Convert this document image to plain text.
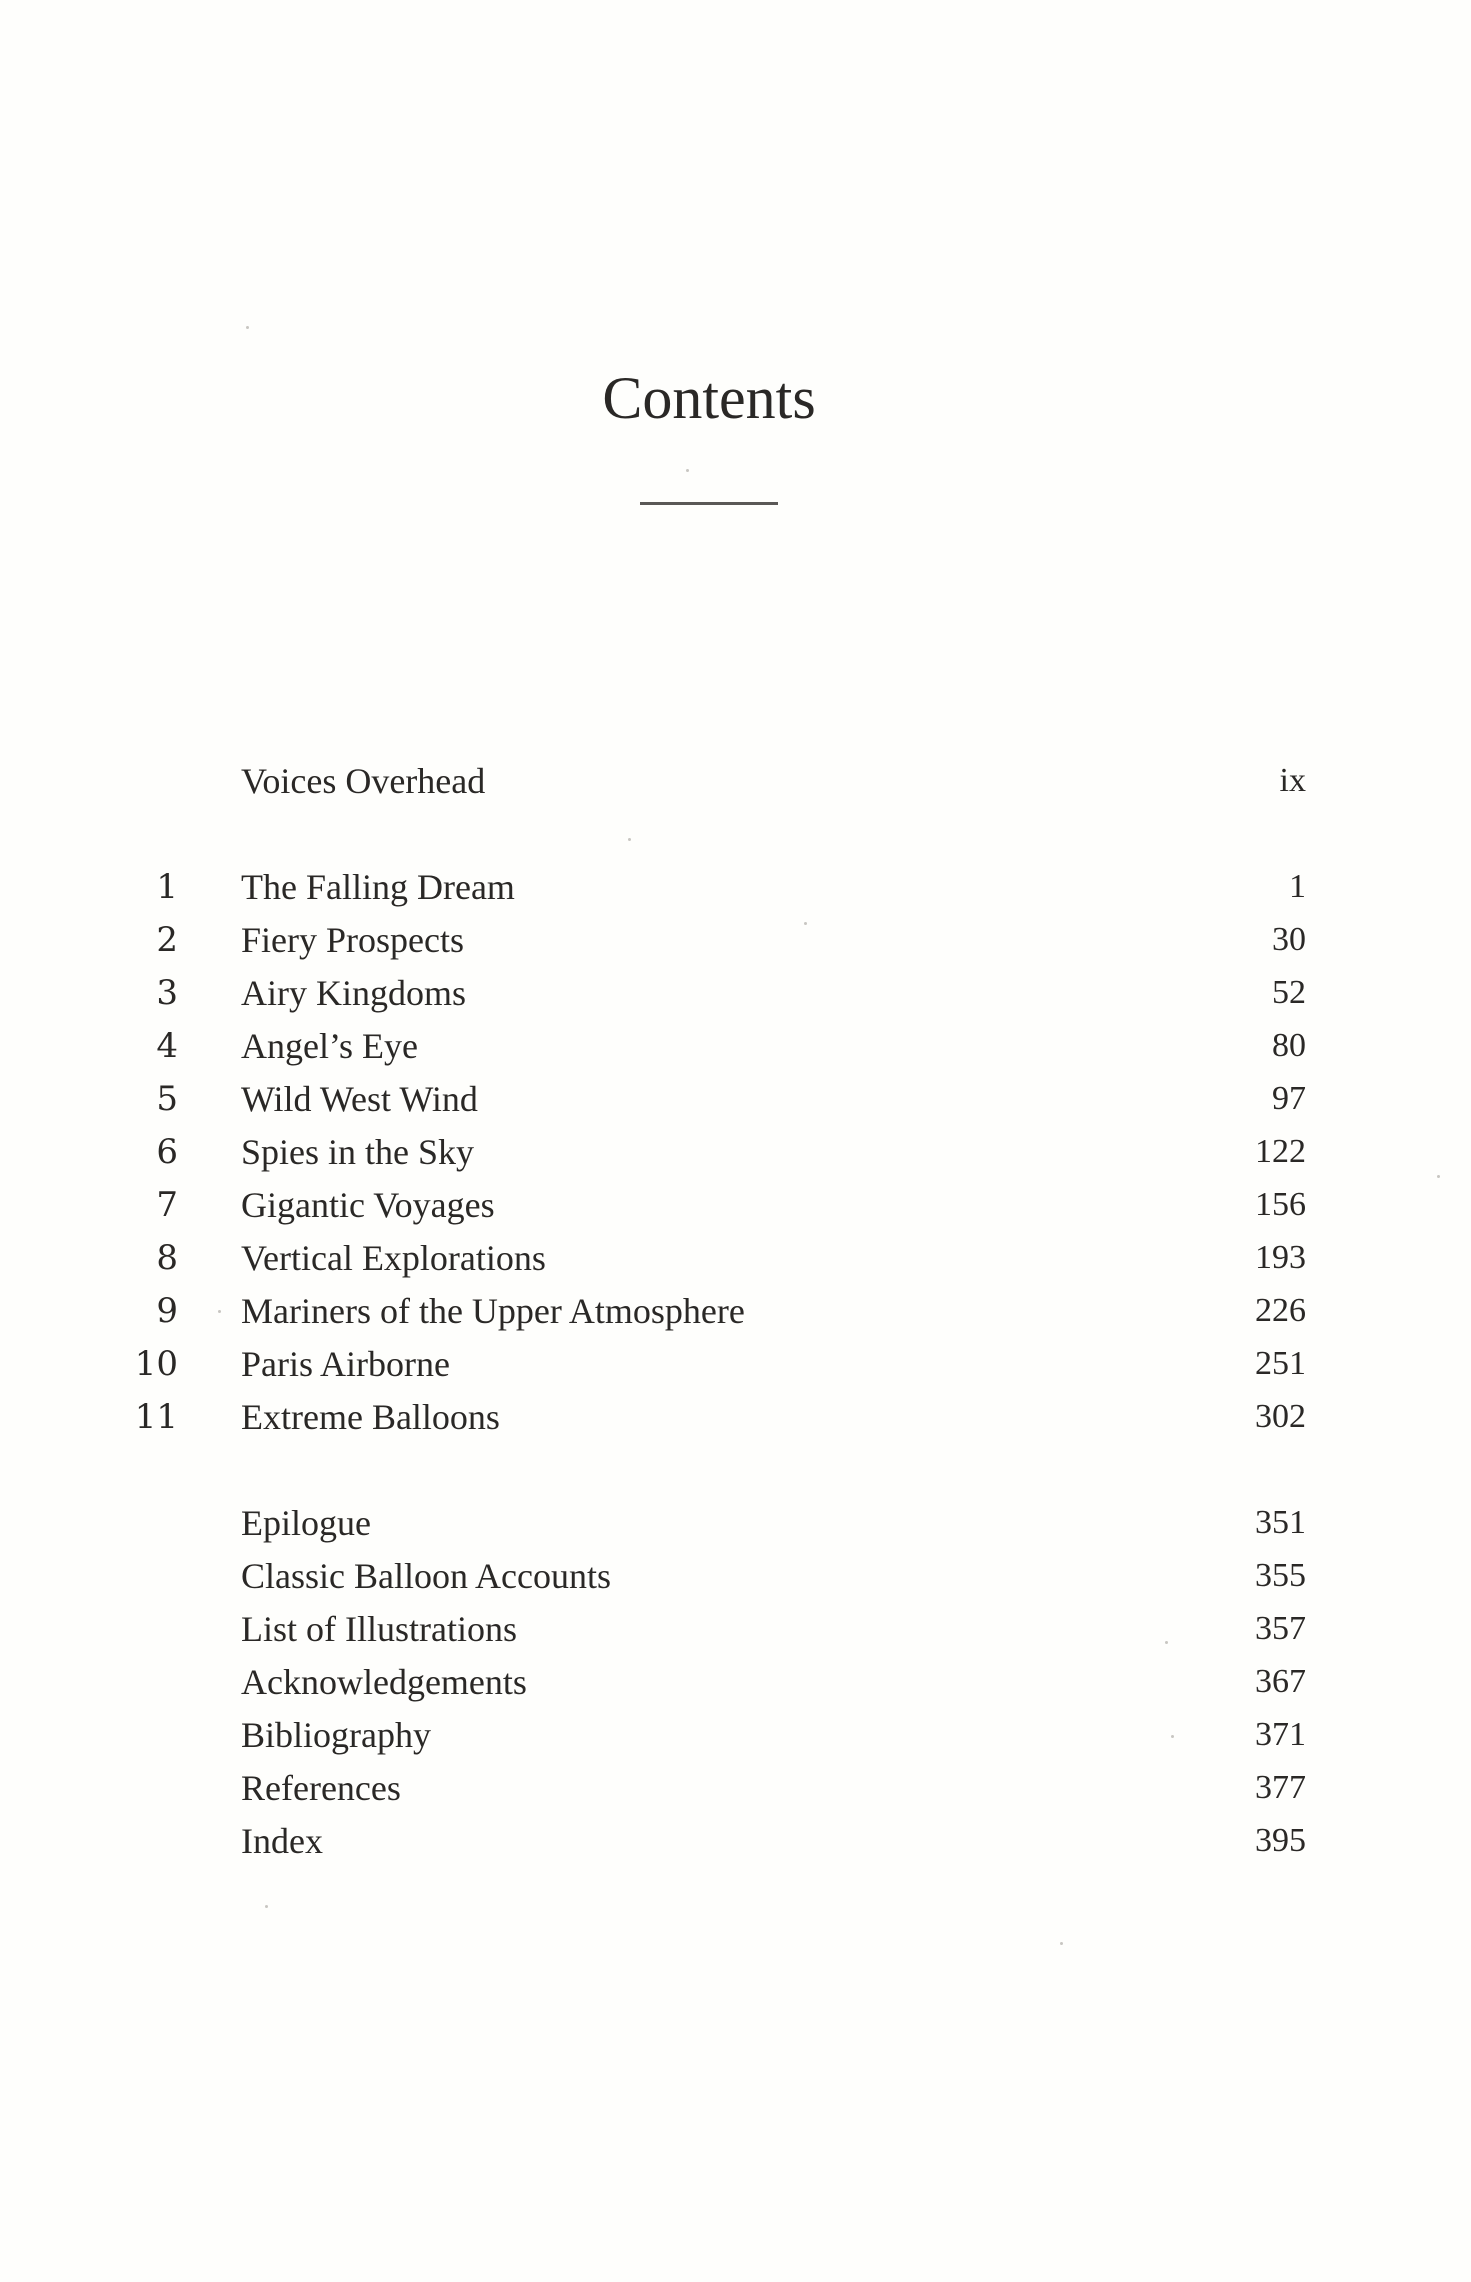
Contents
Voices Overhead	ix
1 The Falling Dream	1
2 Fiery Prospects	30
3 Airy Kingdoms	52
4 Angel’s Eye	80
5 Wild West Wind	97
6 Spies in the Sky	122
7 Gigantic Voyages	156
8 Vertical Explorations	193
9 Mariners of the Upper Atmosphere	226
10 Paris Airborne	251
11 Extreme Balloons	302
Epilogue	351
Classic Balloon Accounts	355
List of Illustrations	357
Acknowledgements	367
Bibliography	371
References	377
Index	395
